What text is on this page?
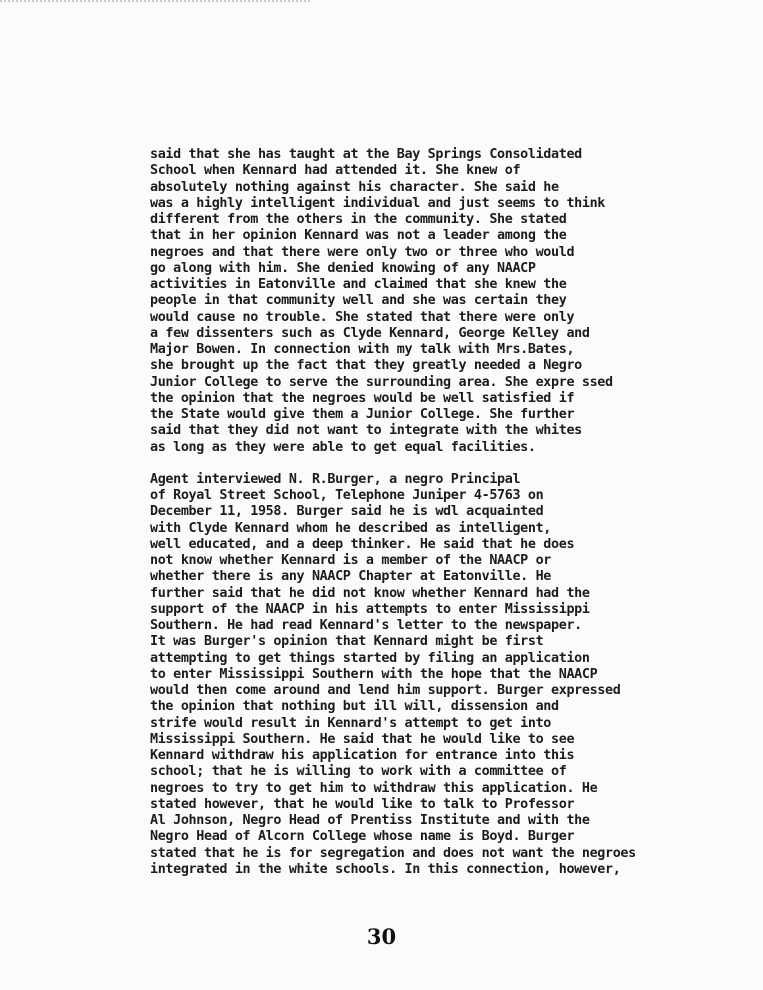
said that she has taught at the Bay Springs Consolidated
School when Kennard had attended it. She knew of
absolutely nothing against his character. She said he
was a highly intelligent individual and just seems to think
different from the others in the community. She stated
that in her opinion Kennard was not a leader among the
negroes and that there were only two or three who would
go along with him. She denied knowing of any NAACP
activities in Eatonville and claimed that she knew the
people in that community well and she was certain they
would cause no trouble. She stated that there were only
a few dissenters such as Clyde Kennard, George Kelley and
Major Bowen. In connection with my talk with Mrs.Bates,
she brought up the fact that they greatly needed a Negro
Junior College to serve the surrounding area. She expre ssed
the opinion that the negroes would be well satisfied if
the State would give them a Junior College. She further
said that they did not want to integrate with the whites
as long as they were able to get equal facilities.
Agent interviewed N. R.Burger, a negro Principal
of Royal Street School, Telephone Juniper 4-5763 on
December 11, 1958. Burger said he is wdl acquainted
with Clyde Kennard whom he described as intelligent,
well educated, and a deep thinker. He said that he does
not know whether Kennard is a member of the NAACP or
whether there is any NAACP Chapter at Eatonville. He
further said that he did not know whether Kennard had the
support of the NAACP in his attempts to enter Mississippi
Southern. He had read Kennard's letter to the newspaper.
It was Burger's opinion that Kennard might be first
attempting to get things started by filing an application
to enter Mississippi Southern with the hope that the NAACP
would then come around and lend him support. Burger expressed
the opinion that nothing but ill will, dissension and
strife would result in Kennard's attempt to get into
Mississippi Southern. He said that he would like to see
Kennard withdraw his application for entrance into this
school; that he is willing to work with a committee of
negroes to try to get him to withdraw this application. He
stated however, that he would like to talk to Professor
Al Johnson, Negro Head of Prentiss Institute and with the
Negro Head of Alcorn College whose name is Boyd. Burger
stated that he is for segregation and does not want the negroes
integrated in the white schools. In this connection, however,
30
